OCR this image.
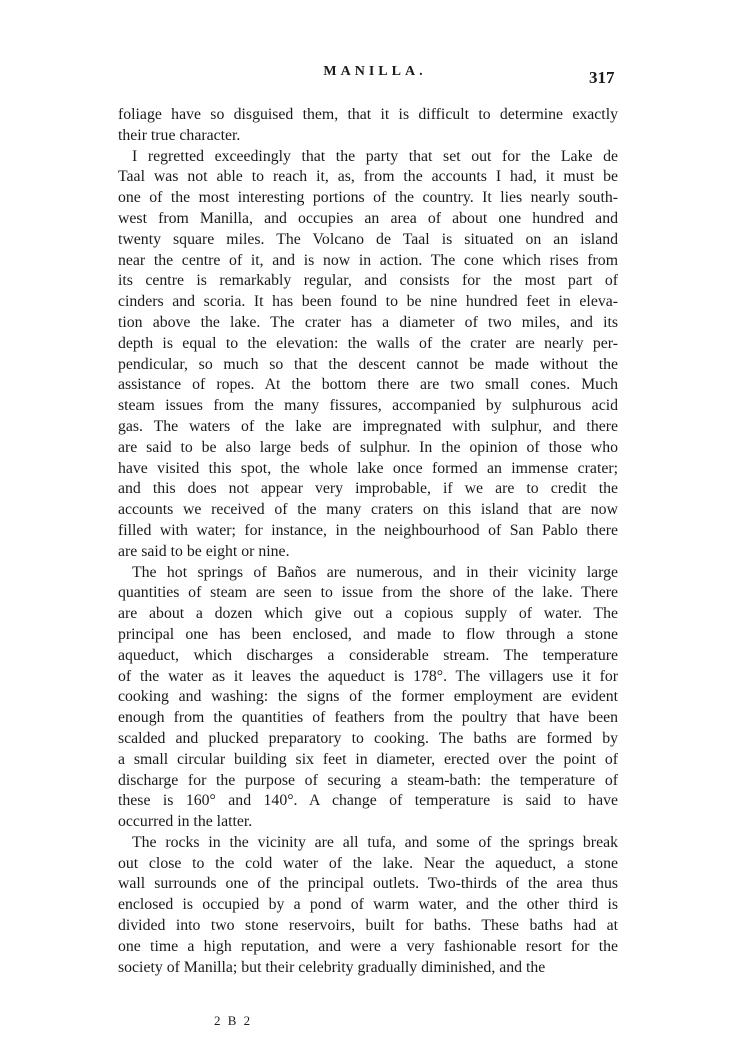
MANILLA.	317
foliage have so disguised them, that it is difficult to determine exactly
their true character.
I regretted exceedingly that the party that set out for the Lake de
Taal was not able to reach it, as, from the accounts I had, it must be
one of the most interesting portions of the country. It lies nearly south-
west from Manilla, and occupies an area of about one hundred and
twenty square miles. The Volcano de Taal is situated on an island
near the centre of it, and is now in action. The cone which rises from
its centre is remarkably regular, and consists for the most part of
cinders and scoria. It has been found to be nine hundred feet in eleva-
tion above the lake. The crater has a diameter of two miles, and its
depth is equal to the elevation: the walls of the crater are nearly per-
pendicular, so much so that the descent cannot be made without the
assistance of ropes. At the bottom there are two small cones. Much
steam issues from the many fissures, accompanied by sulphurous acid
gas. The waters of the lake are impregnated with sulphur, and there
are said to be also large beds of sulphur. In the opinion of those who
have visited this spot, the whole lake once formed an immense crater;
and this does not appear very improbable, if we are to credit the
accounts we received of the many craters on this island that are now
filled with water; for instance, in the neighbourhood of San Pablo there
are said to be eight or nine.
The hot springs of Baños are numerous, and in their vicinity large
quantities of steam are seen to issue from the shore of the lake. There
are about a dozen which give out a copious supply of water. The
principal one has been enclosed, and made to flow through a stone
aqueduct, which discharges a considerable stream. The temperature
of the water as it leaves the aqueduct is 178°. The villagers use it for
cooking and washing: the signs of the former employment are evident
enough from the quantities of feathers from the poultry that have been
scalded and plucked preparatory to cooking. The baths are formed by
a small circular building six feet in diameter, erected over the point of
discharge for the purpose of securing a steam-bath: the temperature of
these is 160° and 140°. A change of temperature is said to have
occurred in the latter.
The rocks in the vicinity are all tufa, and some of the springs break
out close to the cold water of the lake. Near the aqueduct, a stone
wall surrounds one of the principal outlets. Two-thirds of the area thus
enclosed is occupied by a pond of warm water, and the other third is
divided into two stone reservoirs, built for baths. These baths had at
one time a high reputation, and were a very fashionable resort for the
society of Manilla; but their celebrity gradually diminished, and the
2 B 2
